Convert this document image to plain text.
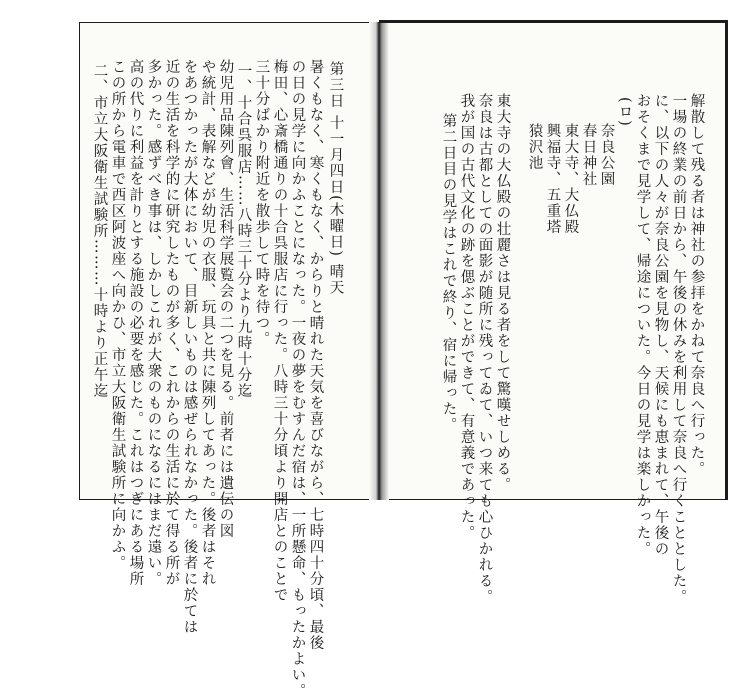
第三日 十一月四日(木曜日) 晴天
暑くもなく、寒くもなく、からりと晴れた天気を喜びながら、七時四十分頃、最後
の日の見学に向かふことになった。一夜の夢をむすんだ宿は、一所懸命、もったかよい。
梅田、心斎橋通りの十合呉服店に行った。八時三十分頃より開店とのことで
三十分ばかり附近を散歩して時を待つ。
一、十合呉服店……八時三十分より九時十分迄
幼児用品陳列會、生活科学展覧会の二つを見る。前者には遺伝の図
や統計、表解などが幼児の衣服、玩具と共に陳列してあった。後者はそれ
をあつかったが大体において、目新しいものは感ぜられなかった。後者に於ては
近の生活を科学的に研究したものが多く、これからの生活に於て得る所が
多かった。感ずべき事は、しかしこれが大衆のものになるにはまだ遠い。
高の代りに利益を計りとする施設の必要を感じた。これはつぎにある場所
この所から電車で西区阿波座へ向かひ、市立大阪衛生試験所に向かふ。
二、市立大阪衛生試験所………十時より正午迄	解散して残る者は神社の参拝をかねて奈良へ行った。
一場の終業の前日から、午後の休みを利用して奈良へ行くこととした。
に、以下の人々が奈良公園を見物し、天候にも恵まれて、午後の
おそくまで見学して、帰途についた。今日の見学は楽しかった。
(ロ)
奈良公園
春日神社
東大寺、大仏殿
興福寺、五重塔
猿沢池
東大寺の大仏殿の壮麗さは見る者をして驚嘆せしめる。
奈良は古都としての面影が随所に残ってゐて、いつ来ても心ひかれる。
我が国の古代文化の跡を偲ぶことができて、有意義であった。
第二日目の見学はこれで終り、宿に帰った。
